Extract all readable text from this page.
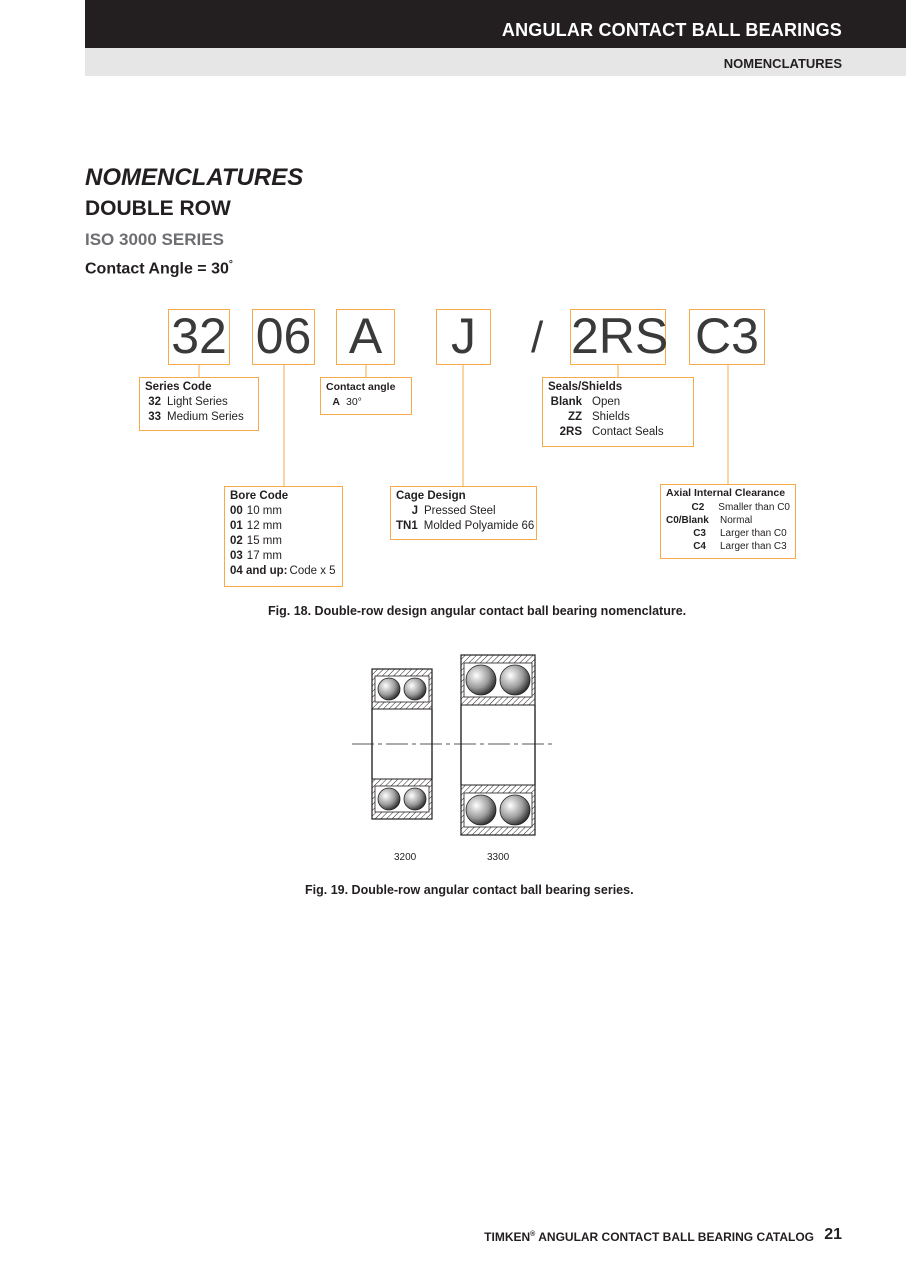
ANGULAR CONTACT BALL BEARINGS
NOMENCLATURES
NOMENCLATURES
DOUBLE ROW
ISO 3000 SERIES
Contact Angle = 30°
32 06 A	J	/ 2RS C3
Series Code
32 Light Series
33 Medium Series
Contact angle
A 30°
Seals/Shields
Blank Open
ZZ Shields
2RS Contact Seals
Bore Code
00 10 mm
01 12 mm
02 15 mm
03 17 mm
04 and up: Code x 5
Cage Design
J Pressed Steel
TN1 Molded Polyamide 66
Axial Internal Clearance
C2 Smaller than C0
C0/Blank Normal
C3 Larger than C0
C4 Larger than C3
Fig. 18. Double-row design angular contact ball bearing nomenclature.
3200	3300
Fig. 19. Double-row angular contact ball bearing series.
TIMKEN® ANGULAR CONTACT BALL BEARING CATALOG 21
